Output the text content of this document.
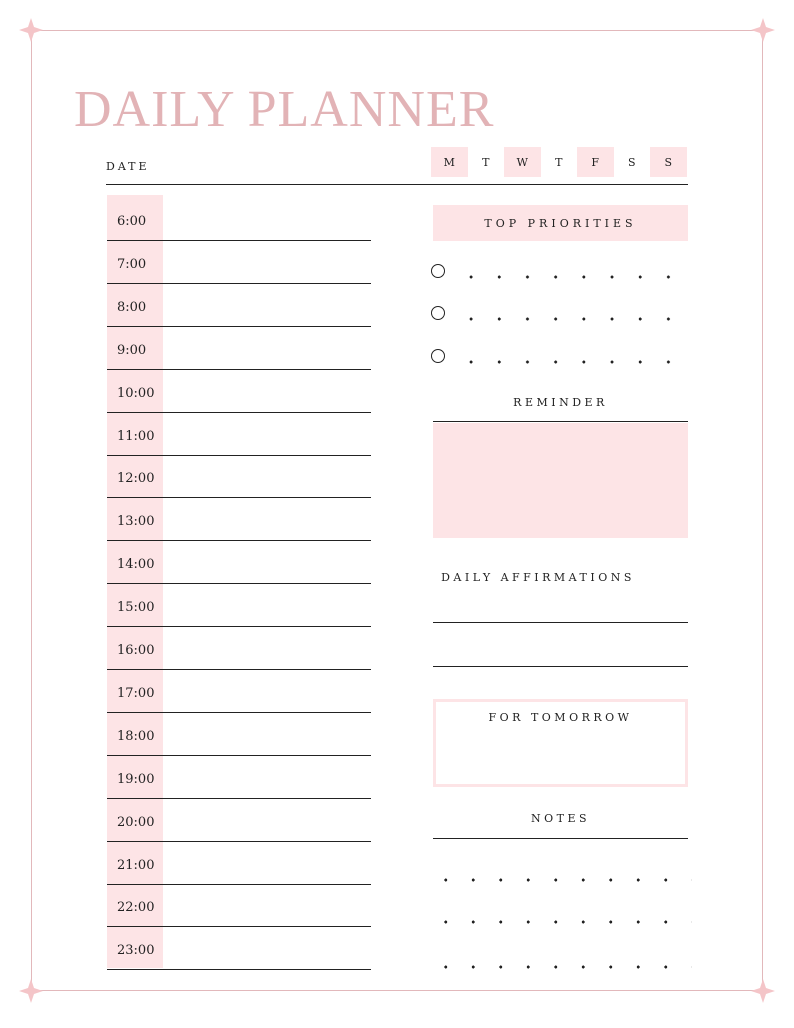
DAILY PLANNER
DATE	M	T	W	T	F	S	S
6:00
7:00
8:00
9:00
10:00
11:00
12:00
13:00
14:00
15:00
16:00
17:00
18:00
19:00
20:00
21:00
22:00
23:00
TOP PRIORITIES
REMINDER
DAILY AFFIRMATIONS
FOR TOMORROW
NOTES
